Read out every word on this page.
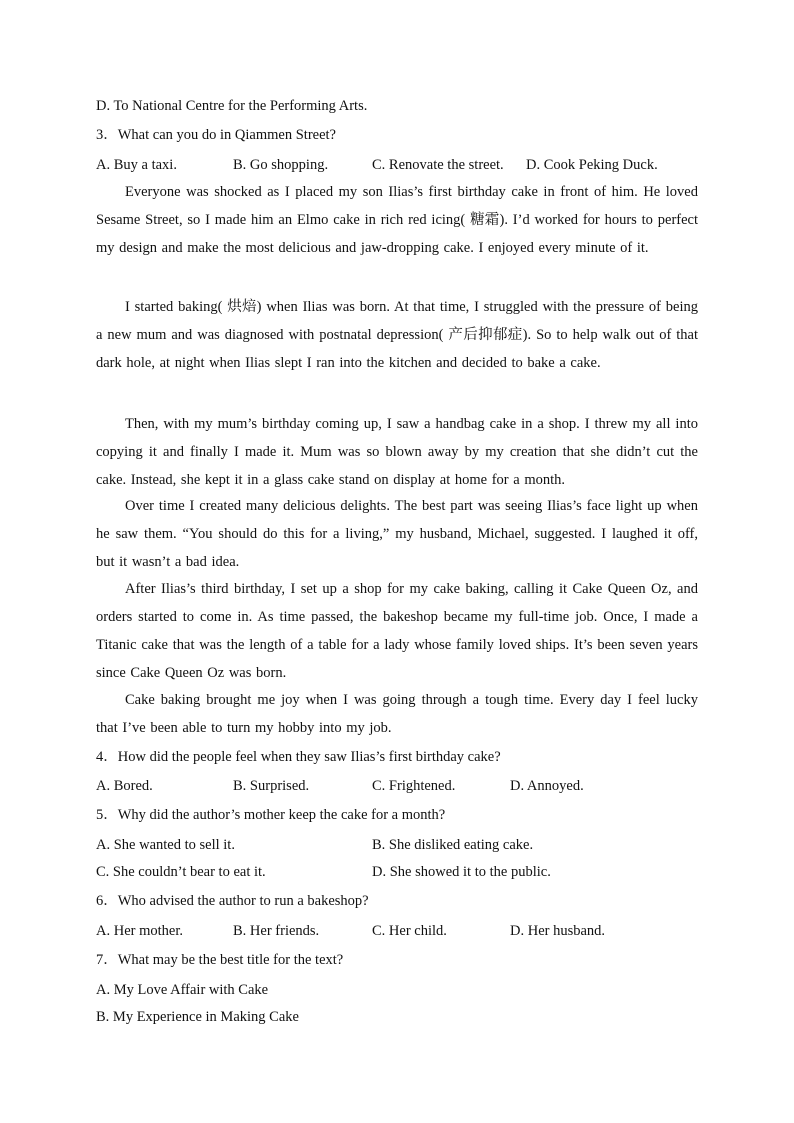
D. To National Centre for the Performing Arts.
3．What can you do in Qiammen Street?
A. Buy a taxi.	B. Go shopping.	C. Renovate the street. D. Cook Peking Duck.
Everyone was shocked as I placed my son Ilias’s first birthday cake in front of him. He loved Sesame Street, so I made him an Elmo cake in rich red icing( 糖霜). I’d worked for hours to perfect my design and make the most delicious and jaw-dropping cake. I enjoyed every minute of it.
I started baking( 烘焙) when Ilias was born. At that time, I struggled with the pressure of being a new mum and was diagnosed with postnatal depression( 产后抑郁症). So to help walk out of that dark hole, at night when Ilias slept I ran into the kitchen and decided to bake a cake.
Then, with my mum’s birthday coming up, I saw a handbag cake in a shop. I threw my all into copying it and finally I made it. Mum was so blown away by my creation that she didn’t cut the cake. Instead, she kept it in a glass cake stand on display at home for a month.
Over time I created many delicious delights. The best part was seeing Ilias’s face light up when he saw them. “You should do this for a living,” my husband, Michael, suggested. I laughed it off, but it wasn’t a bad idea.
After Ilias’s third birthday, I set up a shop for my cake baking, calling it Cake Queen Oz, and orders started to come in. As time passed, the bakeshop became my full-time job. Once, I made a Titanic cake that was the length of a table for a lady whose family loved ships. It’s been seven years since Cake Queen Oz was born.
Cake baking brought me joy when I was going through a tough time. Every day I feel lucky that I’ve been able to turn my hobby into my job.
4．How did the people feel when they saw Ilias’s first birthday cake?
A. Bored.	B. Surprised.	C. Frightened.	D. Annoyed.
5．Why did the author’s mother keep the cake for a month?
A. She wanted to sell it.	B. She disliked eating cake.
C. She couldn’t bear to eat it.	D. She showed it to the public.
6．Who advised the author to run a bakeshop?
A. Her mother.	B. Her friends.	C. Her child.	D. Her husband.
7．What may be the best title for the text?
A. My Love Affair with Cake
B. My Experience in Making Cake
